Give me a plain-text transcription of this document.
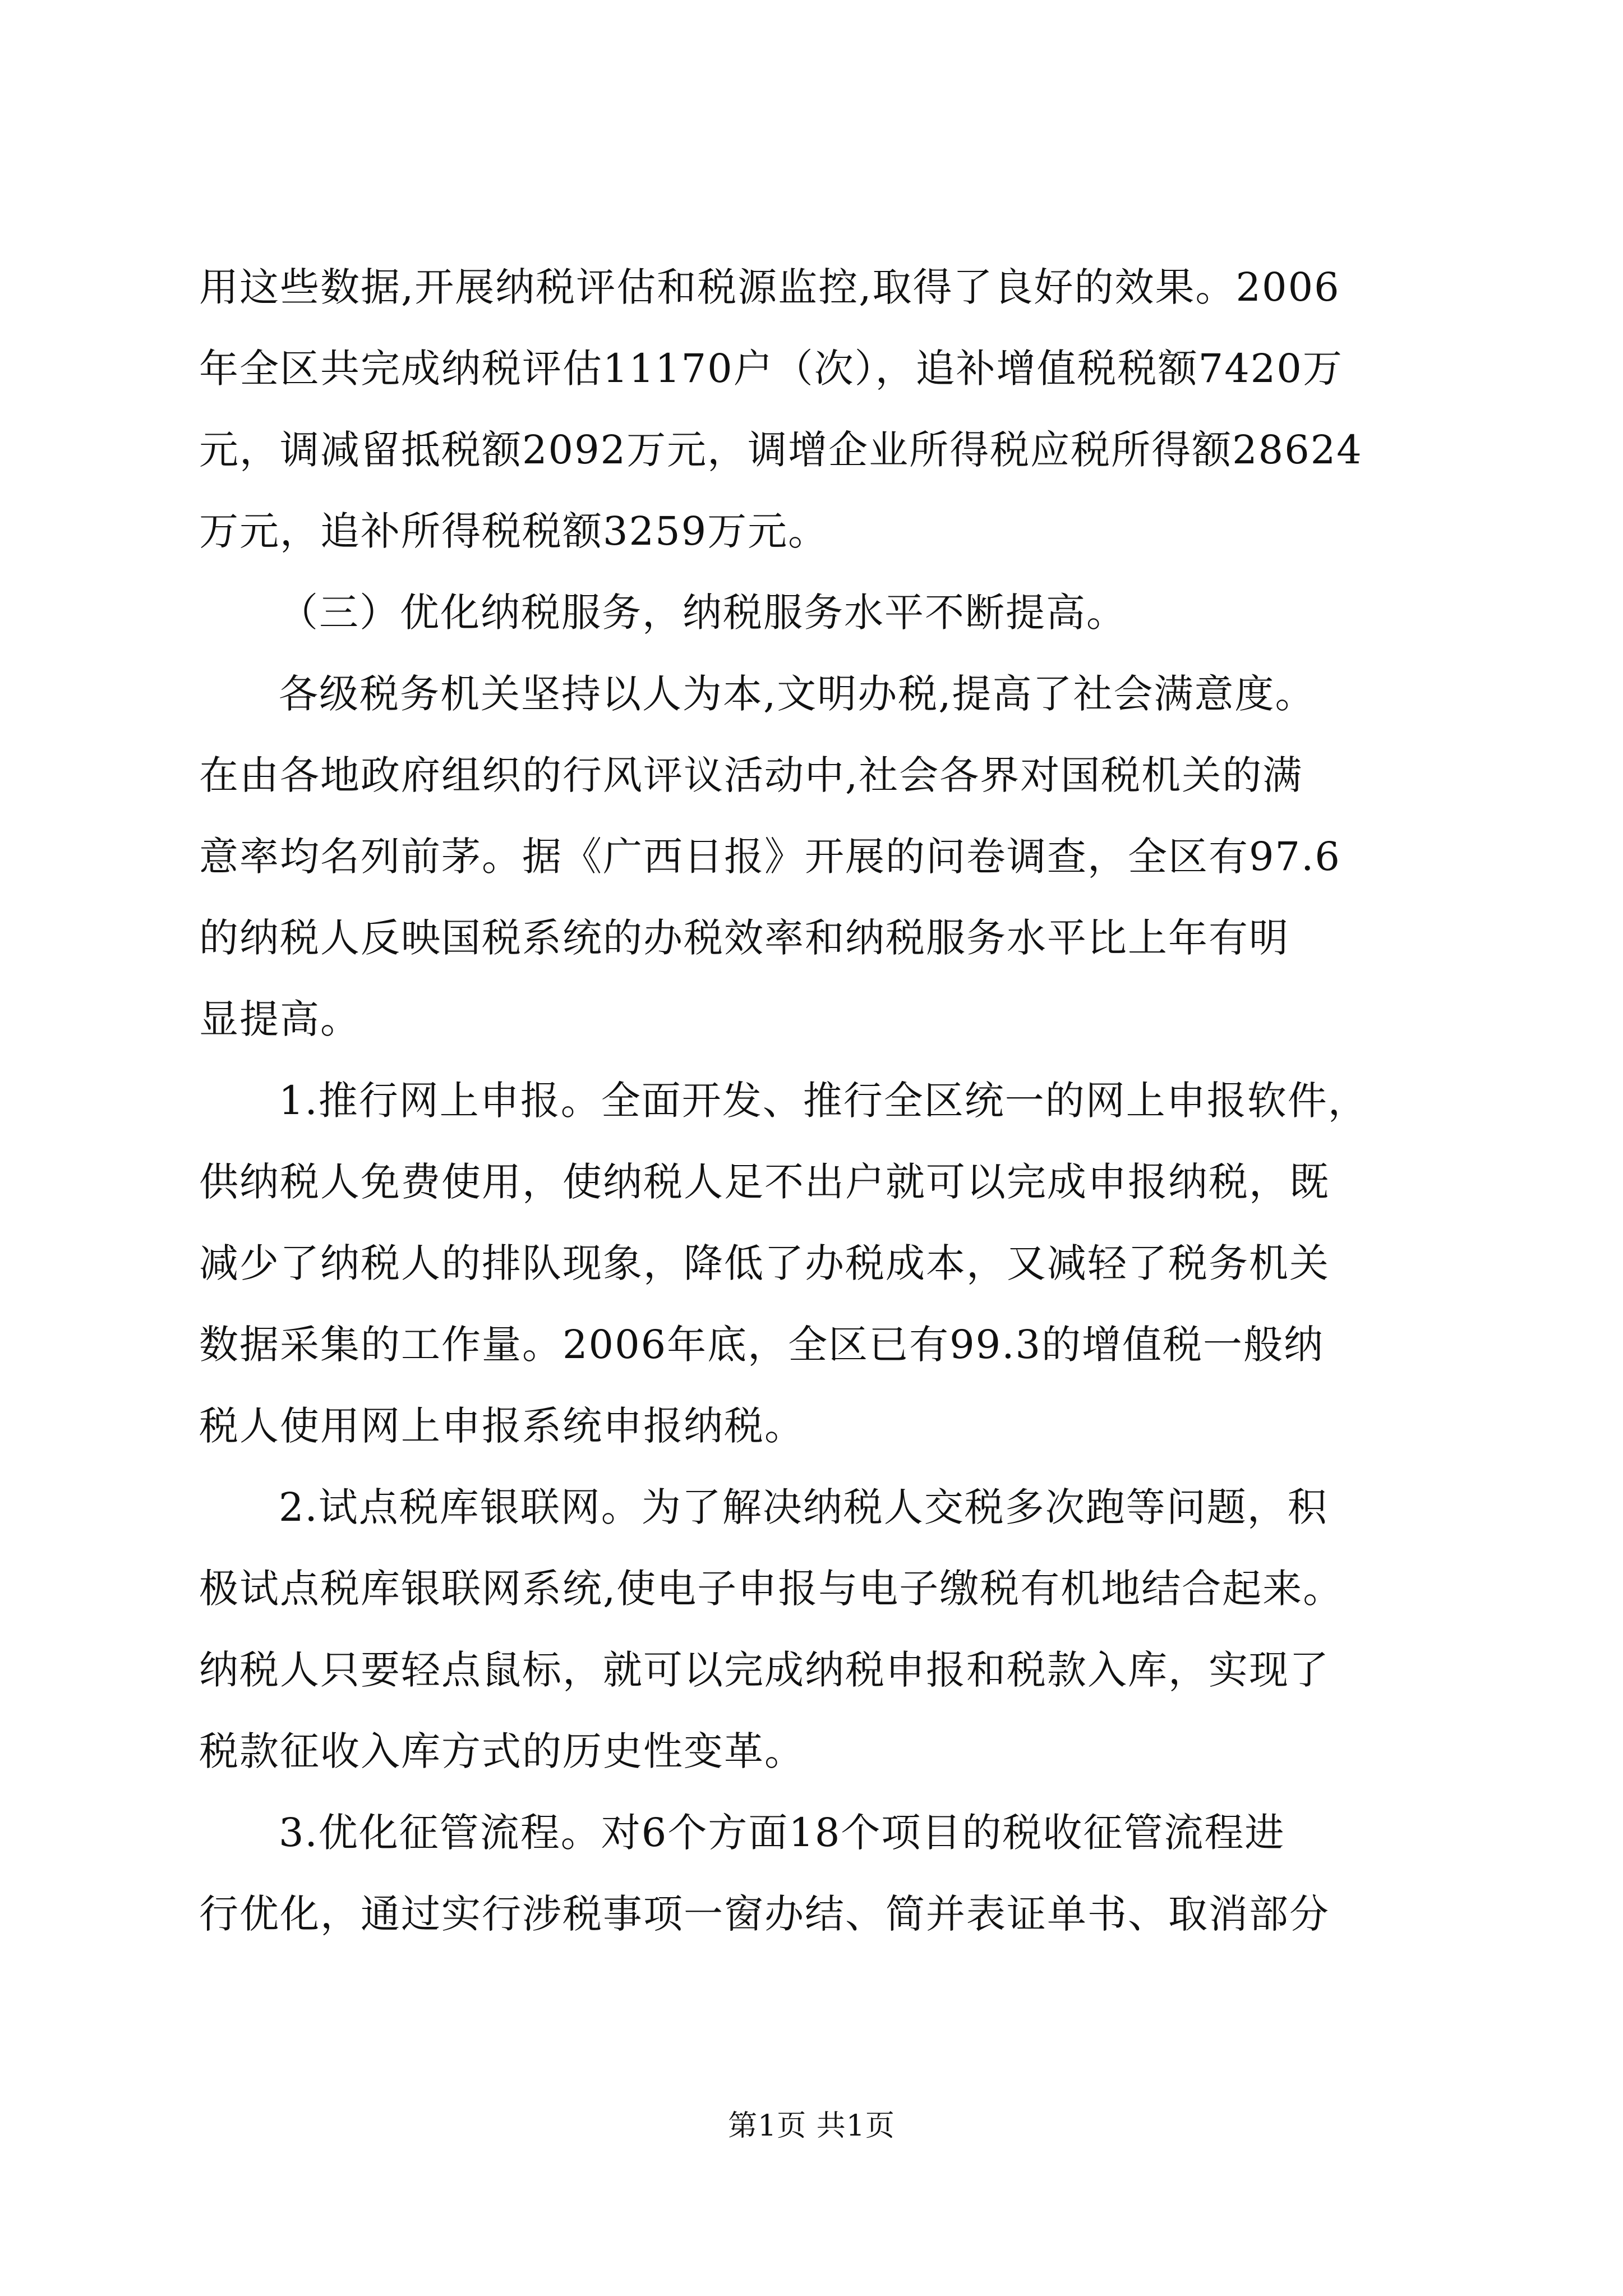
用这些数据,开展纳税评估和税源监控,取得了良好的效果。2006
年全区共完成纳税评估11170户（次），追补增值税税额7420万
元，调减留抵税额2092万元，调增企业所得税应税所得额28624
万元，追补所得税税额3259万元。
（三）优化纳税服务，纳税服务水平不断提高。
各级税务机关坚持以人为本,文明办税,提高了社会满意度。
在由各地政府组织的行风评议活动中,社会各界对国税机关的满
意率均名列前茅。据《广西日报》开展的问卷调查，全区有97.6
的纳税人反映国税系统的办税效率和纳税服务水平比上年有明
显提高。
1.推行网上申报。全面开发、推行全区统一的网上申报软件，
供纳税人免费使用，使纳税人足不出户就可以完成申报纳税，既
减少了纳税人的排队现象，降低了办税成本，又减轻了税务机关
数据采集的工作量。2006年底，全区已有99.3的增值税一般纳
税人使用网上申报系统申报纳税。
2.试点税库银联网。为了解决纳税人交税多次跑等问题，积
极试点税库银联网系统,使电子申报与电子缴税有机地结合起来。
纳税人只要轻点鼠标，就可以完成纳税申报和税款入库，实现了
税款征收入库方式的历史性变革。
3.优化征管流程。对6个方面18个项目的税收征管流程进
行优化，通过实行涉税事项一窗办结、简并表证单书、取消部分
第1页 共1页
